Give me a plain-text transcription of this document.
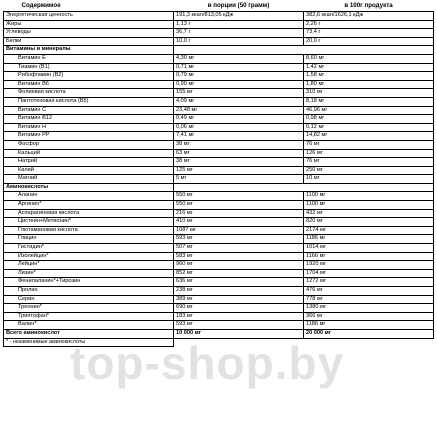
Содержимое	в порции (50 грамм)	в 100г продукта
Энергетическая ценность	191,3 ккал/813,05 кДж	382,6 ккал/1626,1 кДж
Жиры	1,13 г	2,26 г
Углеводы	36,7 г	73,4 г
Белки	10,0 г	20,0 г
Витамины и минералы		
Витамин Е	4,30 мг	8,60 мг
Тиамин (В1)	0,71 мг	1,42 мг
Рибофлавин (В2)	0,79 мг	1,58 мг
Витамин В6	0,90 мг	1,80 мг
Фолиевая кислота	155 мг	310 мг
Пантотеновая кислота (В5)	4,09 мг	8,18 мг
Витамин С	23,48 мг	46,96 мг
Витамин В12	0,49 мг	0,98 мг
Витамин Н	0,06 мг	0,12 мг
Витамин РР	7,41 мг	14,82 мг
Фосфор	38 мг	76 мг
Кальций	63 мг	126 мг
Натрий	38 мг	76 мг
Калий	125 мг	250 мг
Магний	5 мг	10 мг
Аминокислоты		
Аланин	550 мг	1100 мг
Аргинин*	550 мг	1100 мг
Аспарагиновая кислота	216 мг	432 мг
Цистеин+Метионин*	410 мг	820 мг
Глютаминовая кислота	1087 мг	2174 мг
Глицин	593 мг	1186 мг
Гистидин*	507 мг	1014 мг
Изолейцин*	583 мг	1166 мг
Лейцин*	960 мг	1920 мг
Лизин*	852 мг	1704 мг
Фенилаланин*+Тирозин	636 мг	1272 мг
Пролин	238 мг	476 мг
Серин	389 мг	778 мг
Треонин*	690 мг	1380 мг
Триптофан*	183 мг	366 мг
Валин*	593 мг	1186 мг
Всего аминокислот	10 000 мг	20 000 мг
* - незаменимые аминокислоты		
top-shop.by
